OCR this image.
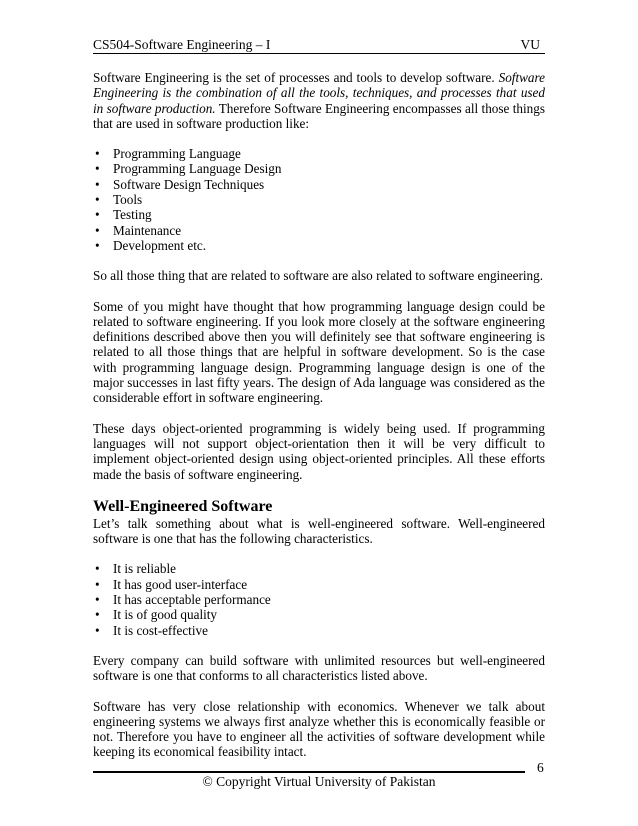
CS504-Software Engineering – I	VU

Software Engineering is the set of processes and tools to develop software. Software Engineering is the combination of all the tools, techniques, and processes that used in software production. Therefore Software Engineering encompasses all those things that are used in software production like:

• Programming Language
• Programming Language Design
• Software Design Techniques
• Tools
• Testing
• Maintenance
• Development etc.

So all those thing that are related to software are also related to software engineering.

Some of you might have thought that how programming language design could be related to software engineering. If you look more closely at the software engineering definitions described above then you will definitely see that software engineering is related to all those things that are helpful in software development. So is the case with programming language design. Programming language design is one of the major successes in last fifty years. The design of Ada language was considered as the considerable effort in software engineering.

These days object-oriented programming is widely being used. If programming languages will not support object-orientation then it will be very difficult to implement object-oriented design using object-oriented principles. All these efforts made the basis of software engineering.

Well-Engineered Software

Let’s talk something about what is well-engineered software. Well-engineered software is one that has the following characteristics.

• It is reliable
• It has good user-interface
• It has acceptable performance
• It is of good quality
• It is cost-effective

Every company can build software with unlimited resources but well-engineered software is one that conforms to all characteristics listed above.

Software has very close relationship with economics. Whenever we talk about engineering systems we always first analyze whether this is economically feasible or not. Therefore you have to engineer all the activities of software development while keeping its economical feasibility intact.

6
© Copyright Virtual University of Pakistan
